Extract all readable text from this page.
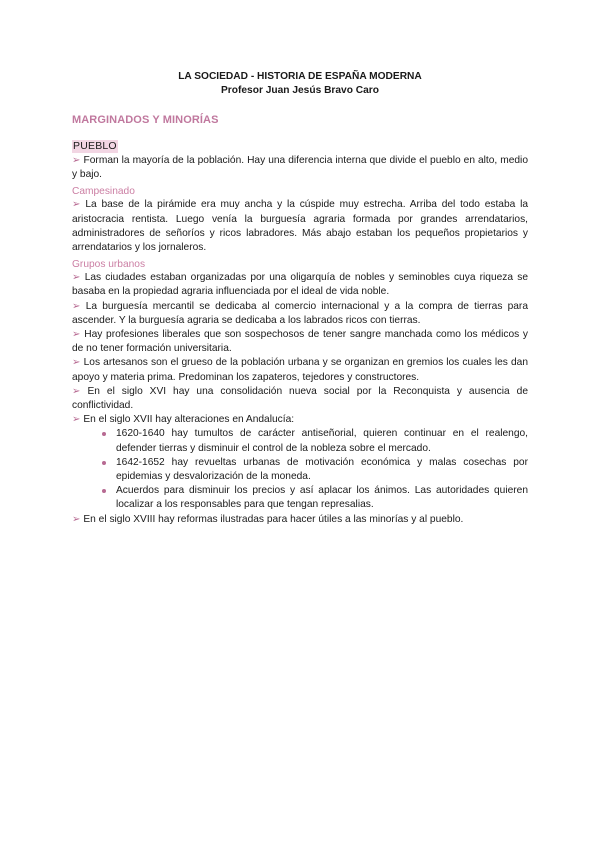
LA SOCIEDAD - HISTORIA DE ESPAÑA MODERNA

Profesor Juan Jesús Bravo Caro

MARGINADOS Y MINORÍAS
PUEBLO

➢ Forman la mayoría de la población. Hay una diferencia interna que divide el pueblo en alto, medio y bajo.

Campesinado

➢ La base de la pirámide era muy ancha y la cúspide muy estrecha. Arriba del todo estaba la aristocracia rentista. Luego venía la burguesía agraria formada por grandes arrendatarios, administradores de señoríos y ricos labradores. Más abajo estaban los pequeños propietarios y arrendatarios y los jornaleros.

Grupos urbanos

➢ Las ciudades estaban organizadas por una oligarquía de nobles y seminobles cuya riqueza se basaba en la propiedad agraria influenciada por el ideal de vida noble.

➢ La burguesía mercantil se dedicaba al comercio internacional y a la compra de tierras para ascender. Y la burguesía agraria se dedicaba a los labrados ricos con tierras.

➢ Hay profesiones liberales que son sospechosos de tener sangre manchada como los médicos y de no tener formación universitaria.

➢ Los artesanos son el grueso de la población urbana y se organizan en gremios los cuales les dan apoyo y materia prima. Predominan los zapateros, tejedores y constructores.

➢ En el siglo XVI hay una consolidación nueva social por la Reconquista y ausencia de conflictividad.

➢ En el siglo XVII hay alteraciones en Andalucía:

1620-1640 hay tumultos de carácter antiseñorial, quieren continuar en el realengo, defender tierras y disminuir el control de la nobleza sobre el mercado.
1642-1652 hay revueltas urbanas de motivación económica y malas cosechas por epidemias y desvalorización de la moneda.
Acuerdos para disminuir los precios y así aplacar los ánimos. Las autoridades quieren localizar a los responsables para que tengan represalias.

➢ En el siglo XVIII hay reformas ilustradas para hacer útiles a las minorías y al pueblo.
